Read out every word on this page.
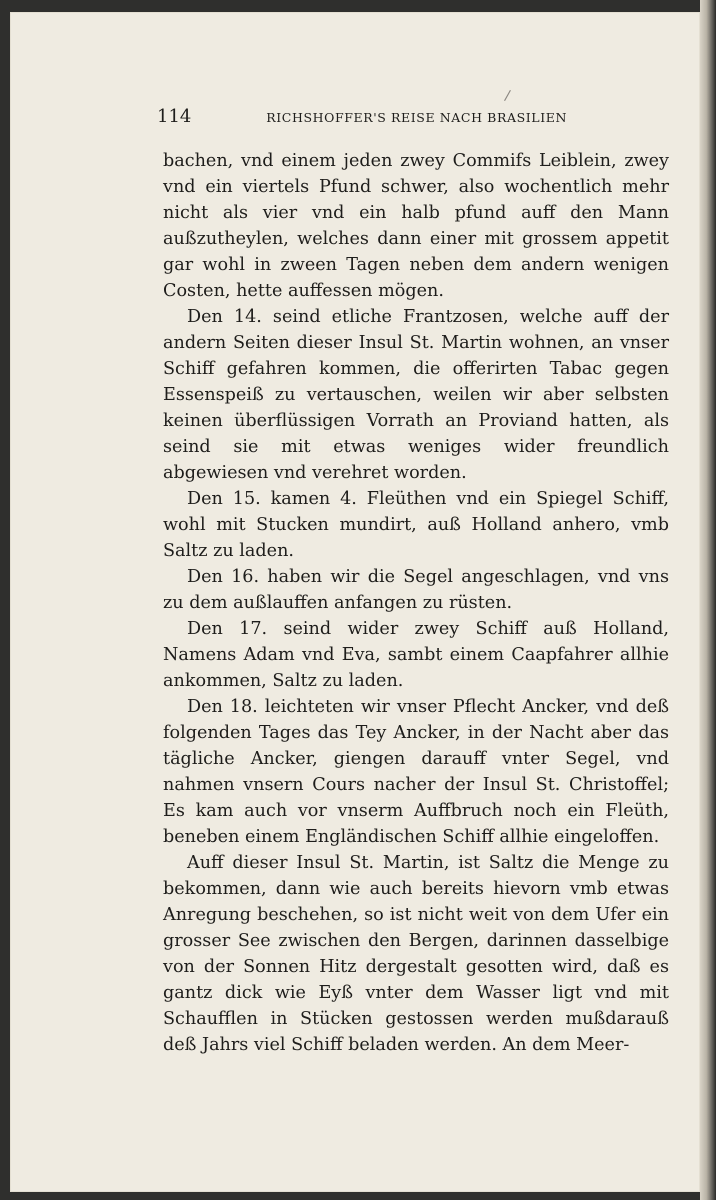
114	RICHSHOFFER'S REISE NACH BRASILIEN
/

bachen, vnd einem jeden zwey Commifs Leiblein, zwey vnd ein viertels Pfund schwer, also wochentlich mehr nicht als vier vnd ein halb pfund auff den Mann außzutheylen, welches dann einer mit grossem appetit gar wohl in zween Tagen neben dem andern wenigen Costen, hette auffessen mögen.

Den 14. seind etliche Frantzosen, welche auff der andern Seiten dieser Insul St. Martin wohnen, an vnser Schiff gefahren kommen, die offerirten Tabac gegen Essenspeiß zu vertauschen, weilen wir aber selbsten keinen überflüssigen Vorrath an Proviand hatten, als seind sie mit etwas weniges wider freundlich abgewiesen vnd verehret worden.

Den 15. kamen 4. Fleüthen vnd ein Spiegel Schiff, wohl mit Stucken mundirt, auß Holland anhero, vmb Saltz zu laden.

Den 16. haben wir die Segel angeschlagen, vnd vns zu dem außlauffen anfangen zu rüsten.

Den 17. seind wider zwey Schiff auß Holland, Namens Adam vnd Eva, sambt einem Caapfahrer allhie ankommen, Saltz zu laden.

Den 18. leichteten wir vnser Pflecht Ancker, vnd deß folgenden Tages das Tey Ancker, in der Nacht aber das tägliche Ancker, giengen darauff vnter Segel, vnd nahmen vnsern Cours nacher der Insul St. Christoffel; Es kam auch vor vnserm Auffbruch noch ein Fleüth, beneben einem Engländischen Schiff allhie eingeloffen.

Auff dieser Insul St. Martin, ist Saltz die Menge zu bekommen, dann wie auch bereits hievorn vmb etwas Anregung beschehen, so ist nicht weit von dem Ufer ein grosser See zwischen den Bergen, darinnen dasselbige von der Sonnen Hitz dergestalt gesotten wird, daß es gantz dick wie Eyß vnter dem Wasser ligt vnd mit Schaufflen in Stücken gestossen werden mußdarauß deß Jahrs viel Schiff beladen werden. An dem Meer-
